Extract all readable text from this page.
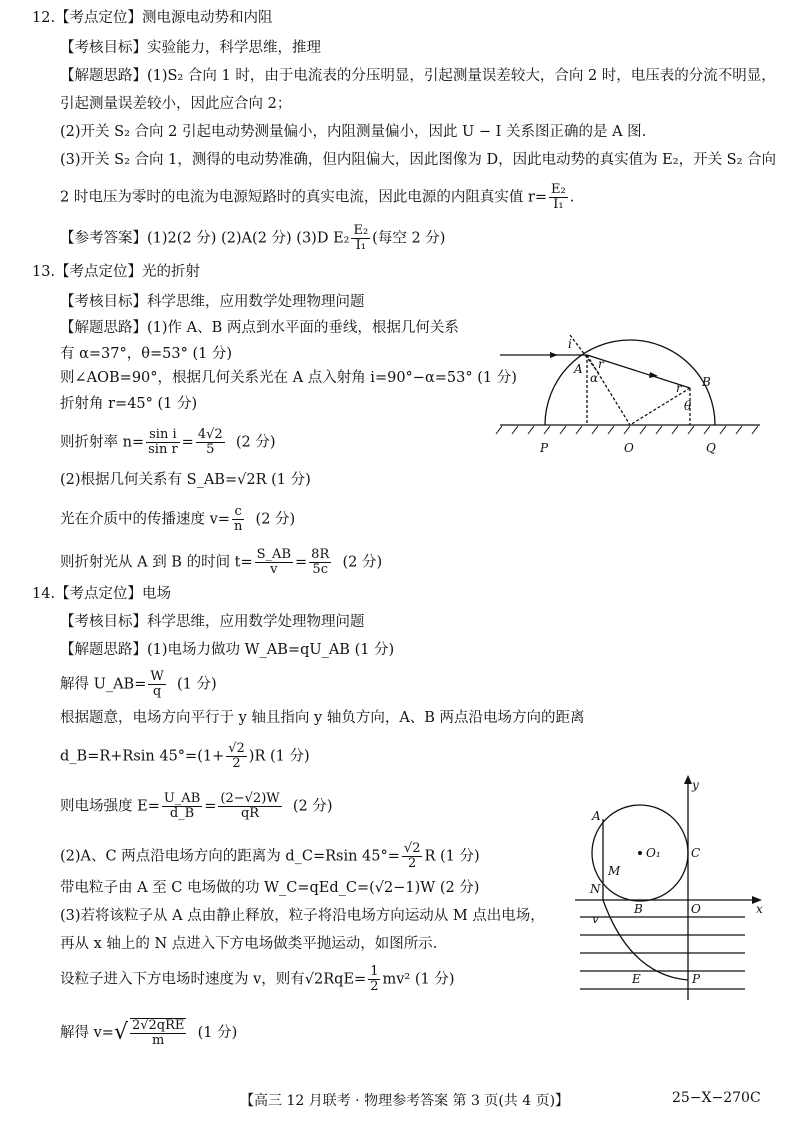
12.【考点定位】测电源电动势和内阻
【考核目标】实验能力，科学思维，推理
【解题思路】(1)S₂ 合向 1 时，由于电流表的分压明显，引起测量误差较大，合向 2 时，电压表的分流不明显，
引起测量误差较小，因此应合向 2；
(2)开关 S₂ 合向 2 引起电动势测量偏小，内阻测量偏小，因此 U − I 关系图正确的是 A 图.
(3)开关 S₂ 合向 1，测得的电动势准确，但内阻偏大，因此图像为 D，因此电动势的真实值为 E₂，开关 S₂ 合向
2 时电压为零时的电流为电源短路时的真实电流，因此电源的内阻真实值 $r= \frac{\text{E₂}}{\text{I₁}}$ .
【参考答案】(1)2(2 分) (2)A(2 分) (3)D $E_2 \frac{\text{E₂}}{\text{I₁}}$ (每空 2 分)
13.【考点定位】光的折射
【考核目标】科学思维，应用数学处理物理问题
【解题思路】(1)作 A、B 两点到水平面的垂线，根据几何关系
有 α=37°，θ=53° (1 分)
则∠AOB=90°，根据几何关系光在 A 点入射角 i=90°−α=53° (1 分)
折射角 r=45° (1 分)
则折射率 $n= \frac{\text{sin i}}{\text{sin r}} = \frac{4√2}{5} (2$ 分)
(2)根据几何关系有 S_AB=√2R (1 分)
光在介质中的传播速度 $v= \frac{c}{n} (2$ 分)
则折射光从 A 到 B 的时间 $t= \frac{S\_AB}{v} = \frac{8R}{5c} (2$ 分)
i
A
α
r
r B
θ
P	O	Q
14.【考点定位】电场
【考核目标】科学思维，应用数学处理物理问题
【解题思路】(1)电场力做功 W_AB=qU_AB (1 分)
解得 U_AB= $\frac{W}{q} (1$ 分)
根据题意，电场方向平行于 y 轴且指向 y 轴负方向，A、B 两点沿电场方向的距离
d_B=R+Rsin $45^\circ=(1+ \frac{√2}{2} )R$ (1 分)
则电场强度 $E= \frac{U\_AB}{d\_B} = \frac{(2-√2)W}{qR} (2$ 分)
(2)A、C 两点沿电场方向的距离为 d_C=Rsin $45^\circ= \frac{√2}{2}$ R (1 分)
带电粒子由 A 至 C 电场做的功 W_C=qEd_C=(√2−1)W (2 分)
(3)若将该粒子从 A 点由静止释放，粒子将沿电场方向运动从 M 点出电场，
再从 x 轴上的 N 点进入下方电场做类平抛运动，如图所示.
设粒子进入下方电场时速度为 v，则有$√2RqE= \frac{1}{2} mv^2$ (1 分)
解得 $v=√ \frac{\text{2√2qRE}}{m} (1$ 分)
y
A
O₁	C
M
N
B	O	x
v
E	P
【高三 12 月联考 · 物理参考答案 第 3 页(共 4 页)】	25−X−270C
